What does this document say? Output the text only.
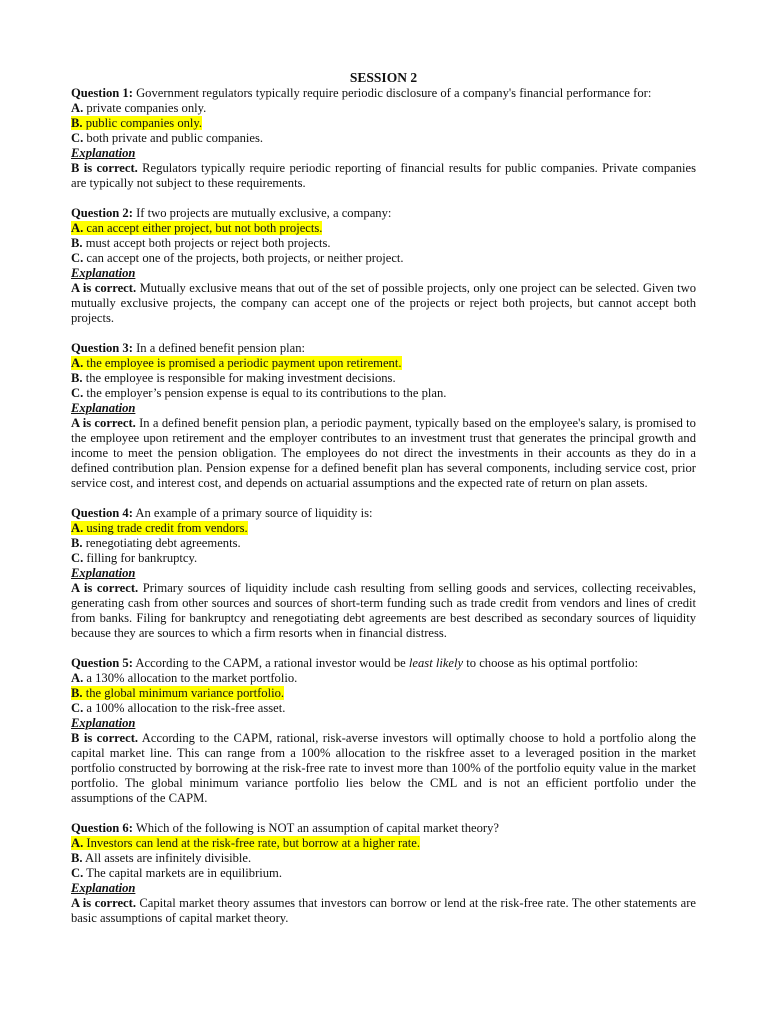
SESSION 2

Question 1: Government regulators typically require periodic disclosure of a company's financial performance for:

A. private companies only.

B. public companies only.

C. both private and public companies.

Explanation

B is correct. Regulators typically require periodic reporting of financial results for public companies. Private companies are typically not subject to these requirements.

Question 2: If two projects are mutually exclusive, a company:

A. can accept either project, but not both projects.

B. must accept both projects or reject both projects.

C. can accept one of the projects, both projects, or neither project.

Explanation

A is correct. Mutually exclusive means that out of the set of possible projects, only one project can be selected. Given two mutually exclusive projects, the company can accept one of the projects or reject both projects, but cannot accept both projects.

Question 3: In a defined benefit pension plan:

A. the employee is promised a periodic payment upon retirement.

B. the employee is responsible for making investment decisions.

C. the employer’s pension expense is equal to its contributions to the plan.

Explanation

A is correct. In a defined benefit pension plan, a periodic payment, typically based on the employee's salary, is promised to the employee upon retirement and the employer contributes to an investment trust that generates the principal growth and income to meet the pension obligation. The employees do not direct the investments in their accounts as they do in a defined contribution plan. Pension expense for a defined benefit plan has several components, including service cost, prior service cost, and interest cost, and depends on actuarial assumptions and the expected rate of return on plan assets.

Question 4: An example of a primary source of liquidity is:

A. using trade credit from vendors.

B. renegotiating debt agreements.

C. filling for bankruptcy.

Explanation

A is correct. Primary sources of liquidity include cash resulting from selling goods and services, collecting receivables, generating cash from other sources and sources of short-term funding such as trade credit from vendors and lines of credit from banks. Filing for bankruptcy and renegotiating debt agreements are best described as secondary sources of liquidity because they are sources to which a firm resorts when in financial distress.

Question 5: According to the CAPM, a rational investor would be least likely to choose as his optimal portfolio:

A. a 130% allocation to the market portfolio.

B. the global minimum variance portfolio.

C. a 100% allocation to the risk-free asset.

Explanation

B is correct. According to the CAPM, rational, risk-averse investors will optimally choose to hold a portfolio along the capital market line. This can range from a 100% allocation to the riskfree asset to a leveraged position in the market portfolio constructed by borrowing at the risk-free rate to invest more than 100% of the portfolio equity value in the market portfolio. The global minimum variance portfolio lies below the CML and is not an efficient portfolio under the assumptions of the CAPM.

Question 6: Which of the following is NOT an assumption of capital market theory?

A. Investors can lend at the risk-free rate, but borrow at a higher rate.

B. All assets are infinitely divisible.

C. The capital markets are in equilibrium.

Explanation

A is correct. Capital market theory assumes that investors can borrow or lend at the risk-free rate. The other statements are basic assumptions of capital market theory.
